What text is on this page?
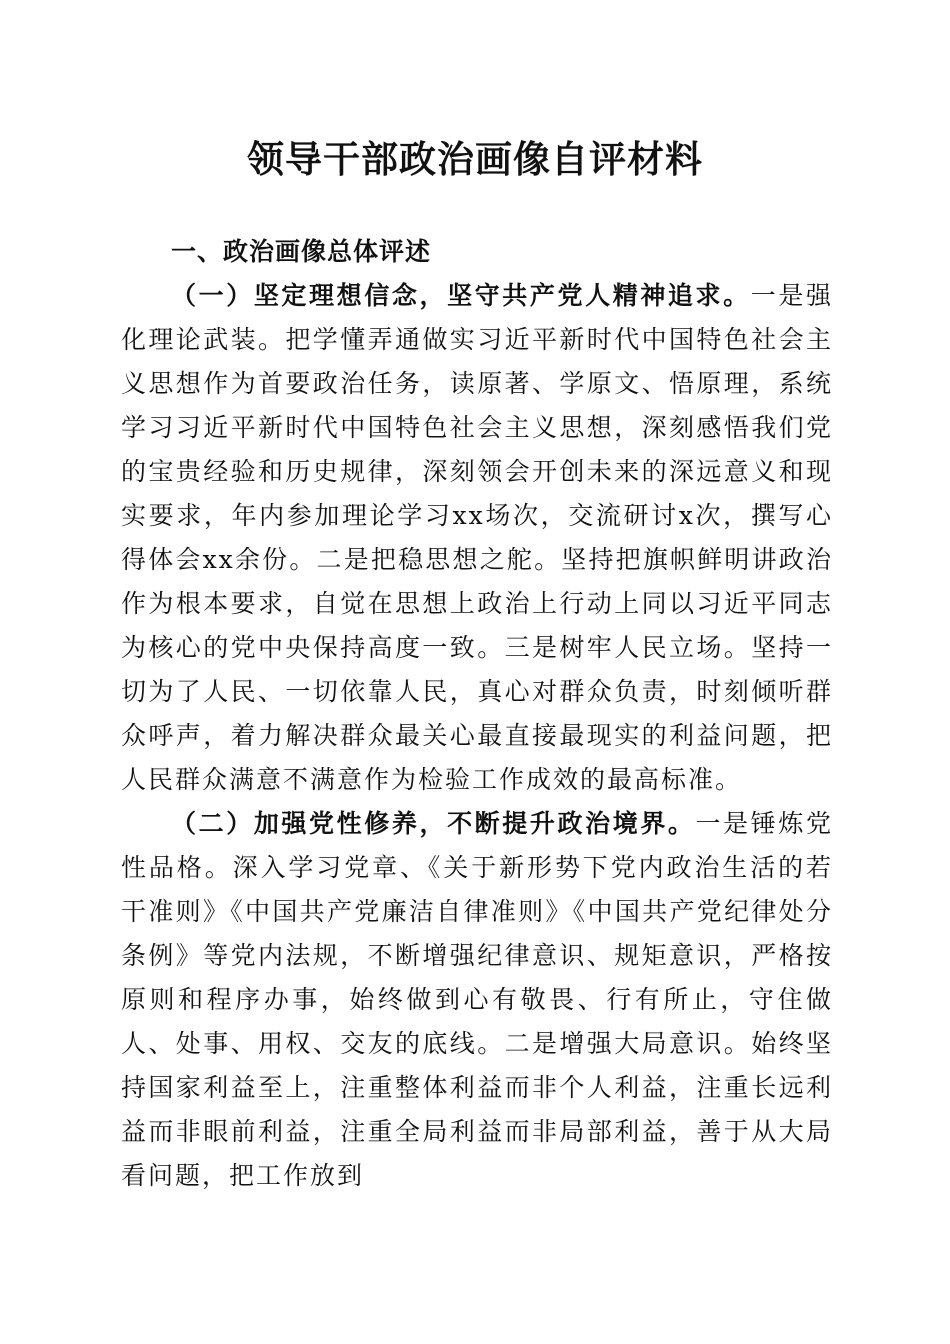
领导干部政治画像自评材料
一、政治画像总体评述

（一）坚定理想信念，坚守共产党人精神追求。一是强化理论武装。把学懂弄通做实习近平新时代中国特色社会主义思想作为首要政治任务，读原著、学原文、悟原理，系统学习习近平新时代中国特色社会主义思想，深刻感悟我们党的宝贵经验和历史规律，深刻领会开创未来的深远意义和现实要求，年内参加理论学习xx场次，交流研讨x次，撰写心得体会xx余份。二是把稳思想之舵。坚持把旗帜鲜明讲政治作为根本要求，自觉在思想上政治上行动上同以习近平同志为核心的党中央保持高度一致。三是树牢人民立场。坚持一切为了人民、一切依靠人民，真心对群众负责，时刻倾听群众呼声，着力解决群众最关心最直接最现实的利益问题，把人民群众满意不满意作为检验工作成效的最高标准。

（二）加强党性修养，不断提升政治境界。一是锤炼党性品格。深入学习党章、《关于新形势下党内政治生活的若干准则》《中国共产党廉洁自律准则》《中国共产党纪律处分条例》等党内法规，不断增强纪律意识、规矩意识，严格按原则和程序办事，始终做到心有敬畏、行有所止，守住做人、处事、用权、交友的底线。二是增强大局意识。始终坚持国家利益至上，注重整体利益而非个人利益，注重长远利益而非眼前利益，注重全局利益而非局部利益，善于从大局看问题，把工作放到
